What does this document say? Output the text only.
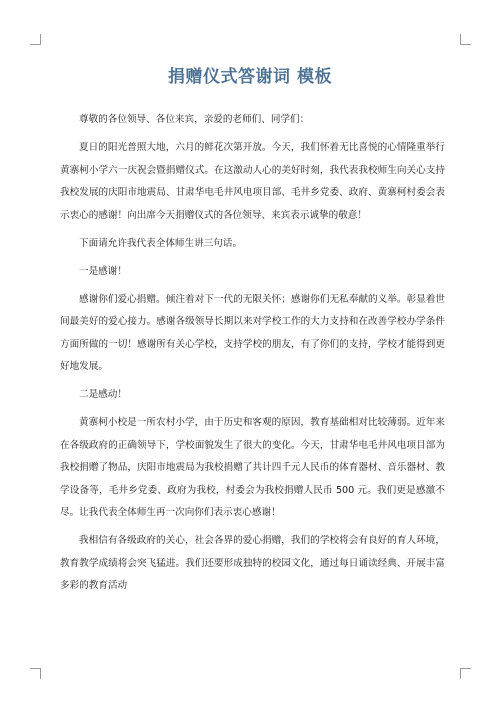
捐赠仪式答谢词 模板

尊敬的各位领导、各位来宾，亲爱的老师们、同学们：

夏日的阳光普照大地，六月的鲜花次第开放。今天，我们怀着无比喜悦的心情隆重举行黄寨柯小学六一庆祝会暨捐赠仪式。在这激动人心的美好时刻，我代表我校师生向关心支持我校发展的庆阳市地震局、甘肃华电毛井风电项目部、毛井乡党委、政府、黄寨柯村委会表示衷心的感谢！向出席今天捐赠仪式的各位领导、来宾表示诚挚的敬意！

下面请允许我代表全体师生讲三句话。

一是感谢！

感谢你们爱心捐赠。倾注着对下一代的无限关怀；感谢你们无私奉献的义举。彰显着世间最美好的爱心接力。感谢各级领导长期以来对学校工作的大力支持和在改善学校办学条件方面所做的一切！感谢所有关心学校，支持学校的朋友，有了你们的支持，学校才能得到更好地发展。

二是感动！

黄寨柯小校是一所农村小学，由于历史和客观的原因，教育基础相对比较薄弱。近年来在各级政府的正确领导下，学校面貌发生了很大的变化。今天，甘肃华电毛井风电项目部为我校捐赠了物品，庆阳市地震局为我校捐赠了共计四千元人民币的体育器材、音乐器材、教学设备等，毛井乡党委、政府为我校，村委会为我校捐赠人民币 500 元。我们更是感激不尽。让我代表全体师生再一次向你们表示衷心感谢！

我相信有各级政府的关心，社会各界的爱心捐赠，我们的学校将会有良好的育人环境，教育教学成绩将会突飞猛进。我们还要形成独特的校园文化，通过每日诵读经典、开展丰富多彩的教育活动
